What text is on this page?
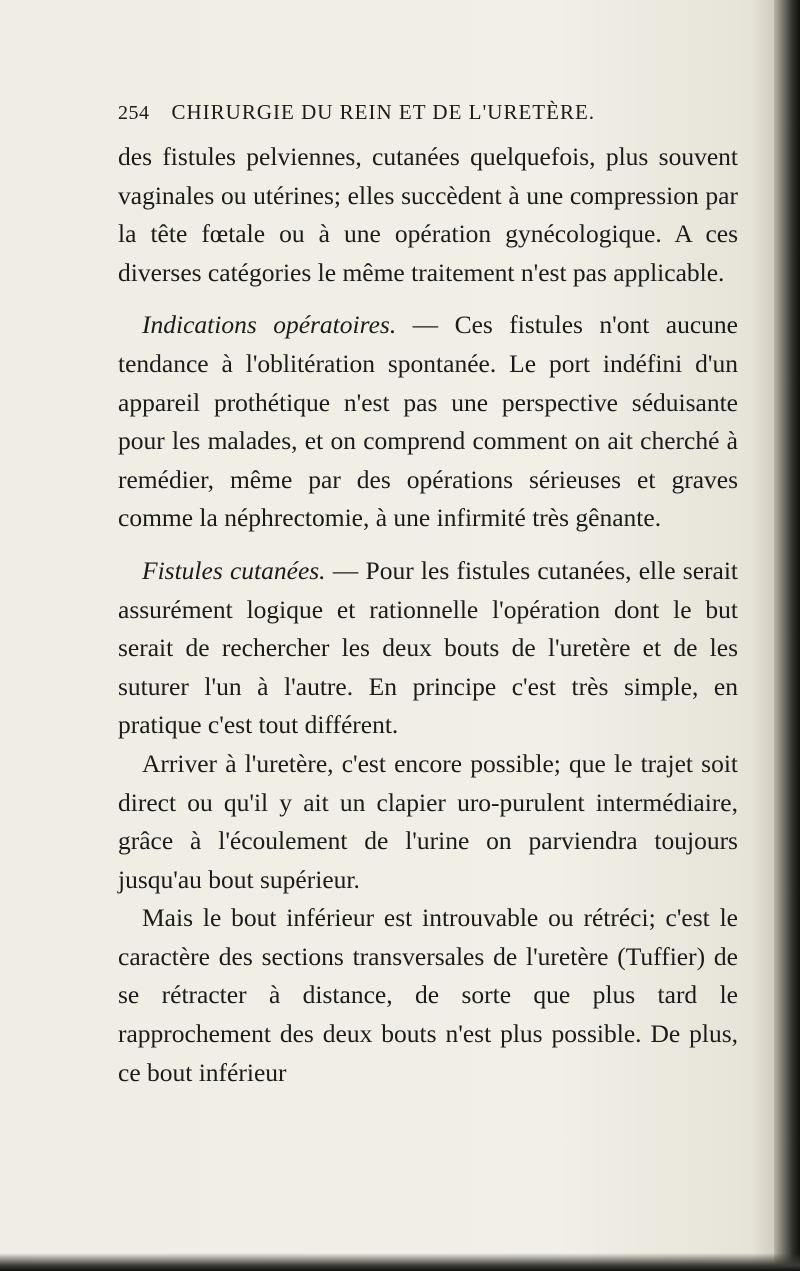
254 CHIRURGIE DU REIN ET DE L'URETÈRE.

des fistules pelviennes, cutanées quelquefois, plus souvent vaginales ou utérines; elles succèdent à une compression par la tête fœtale ou à une opération gynécologique. A ces diverses catégories le même traitement n'est pas applicable.

Indications opératoires. — Ces fistules n'ont aucune tendance à l'oblitération spontanée. Le port indéfini d'un appareil prothétique n'est pas une perspective séduisante pour les malades, et on comprend comment on ait cherché à remédier, même par des opérations sérieuses et graves comme la néphrectomie, à une infirmité très gênante.

Fistules cutanées. — Pour les fistules cutanées, elle serait assurément logique et rationnelle l'opération dont le but serait de rechercher les deux bouts de l'uretère et de les suturer l'un à l'autre. En principe c'est très simple, en pratique c'est tout différent.

Arriver à l'uretère, c'est encore possible; que le trajet soit direct ou qu'il y ait un clapier uro-purulent intermédiaire, grâce à l'écoulement de l'urine on parviendra toujours jusqu'au bout supérieur.

Mais le bout inférieur est introuvable ou rétréci; c'est le caractère des sections transversales de l'uretère (Tuffier) de se rétracter à distance, de sorte que plus tard le rapprochement des deux bouts n'est plus possible. De plus, ce bout inférieur
